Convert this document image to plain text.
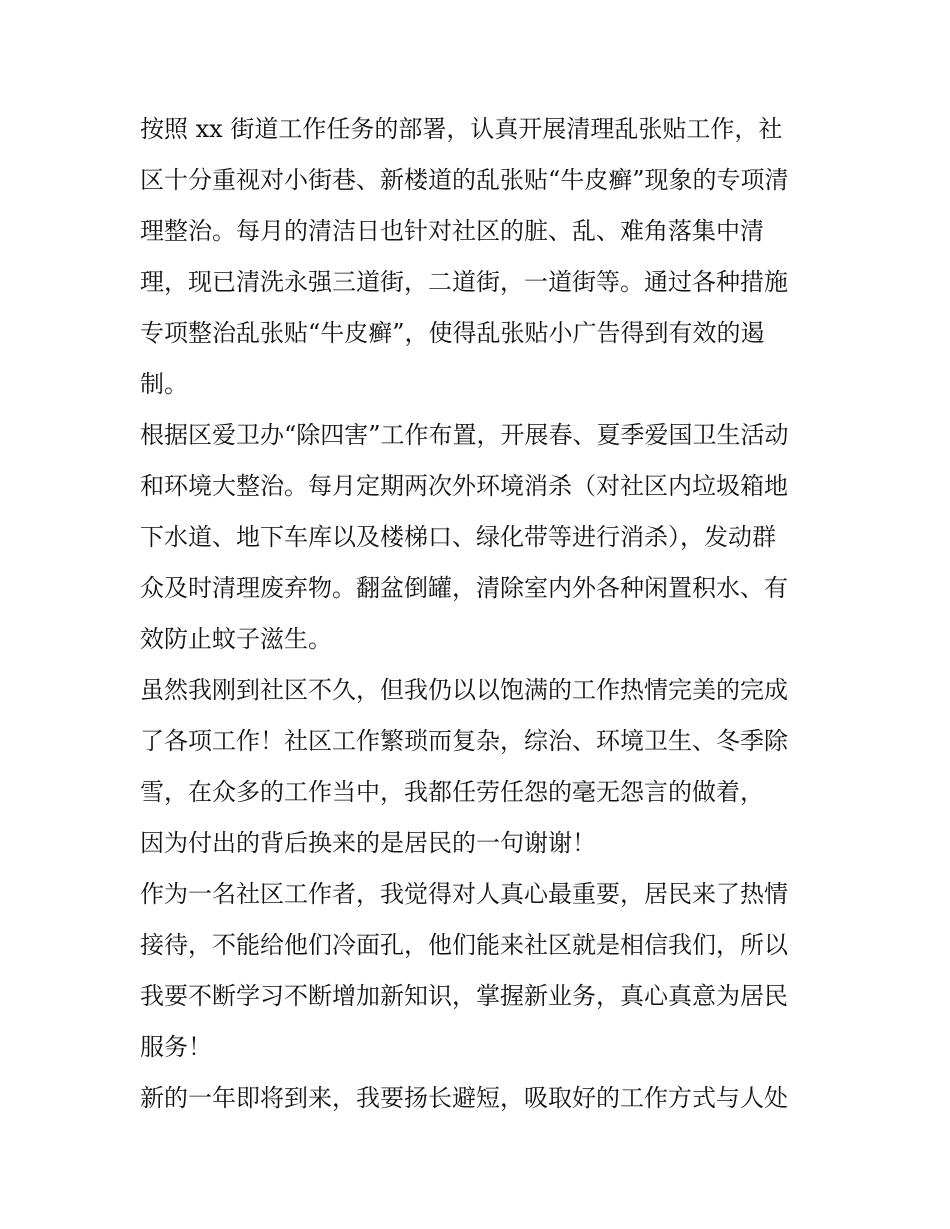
按照 xx 街道工作任务的部署，认真开展清理乱张贴工作，社
区十分重视对小街巷、新楼道的乱张贴“牛皮癣”现象的专项清
理整治。每月的清洁日也针对社区的脏、乱、难角落集中清
理，现已清洗永强三道街，二道街，一道街等。通过各种措施
专项整治乱张贴“牛皮癣”，使得乱张贴小广告得到有效的遏
制。
根据区爱卫办“除四害”工作布置，开展春、夏季爱国卫生活动
和环境大整治。每月定期两次外环境消杀（对社区内垃圾箱地
下水道、地下车库以及楼梯口、绿化带等进行消杀），发动群
众及时清理废弃物。翻盆倒罐，清除室内外各种闲置积水、有
效防止蚊子滋生。
虽然我刚到社区不久，但我仍以以饱满的工作热情完美的完成
了各项工作！社区工作繁琐而复杂，综治、环境卫生、冬季除
雪，在众多的工作当中，我都任劳任怨的毫无怨言的做着，
因为付出的背后换来的是居民的一句谢谢！
作为一名社区工作者，我觉得对人真心最重要，居民来了热情
接待，不能给他们冷面孔，他们能来社区就是相信我们，所以
我要不断学习不断增加新知识，掌握新业务，真心真意为居民
服务！
新的一年即将到来，我要扬长避短，吸取好的工作方式与人处
